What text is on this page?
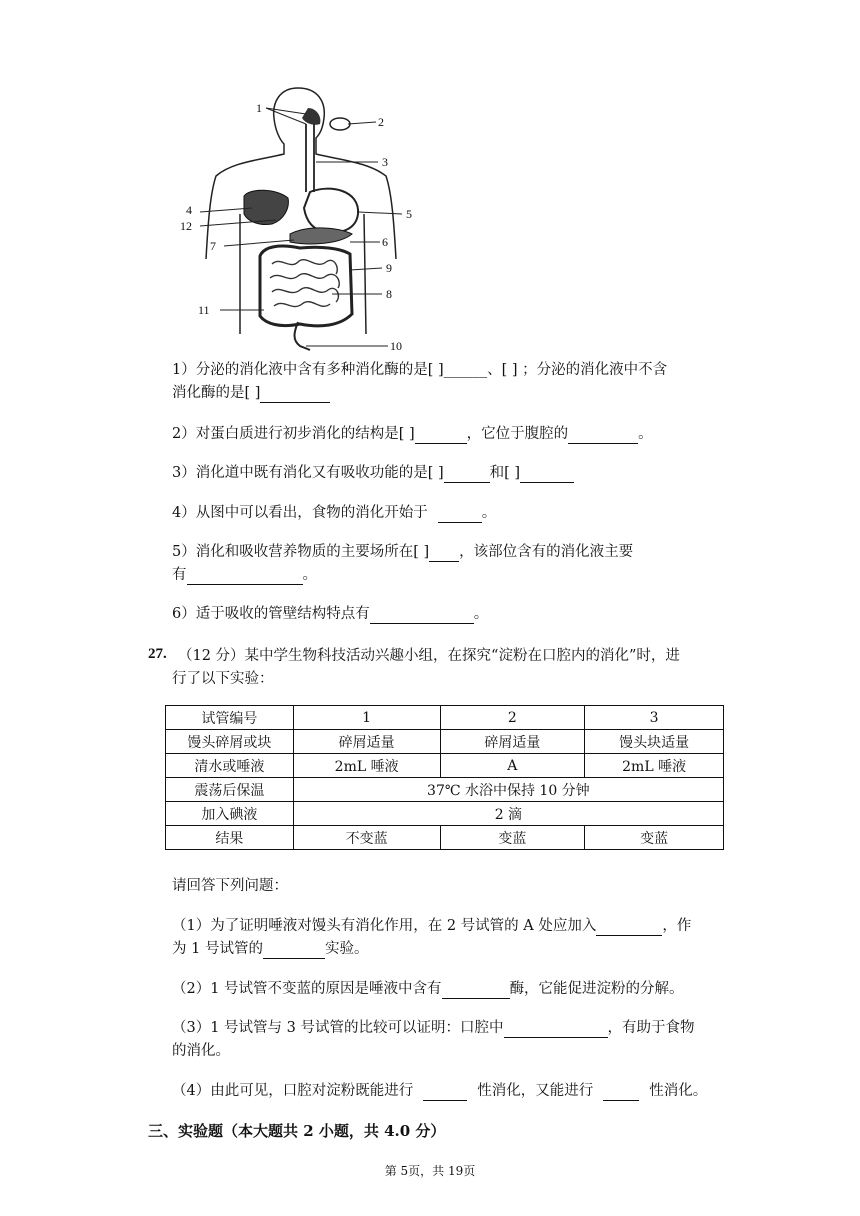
1
2
3
4	5
12
6
7
9
8
11
10
1）分泌的消化液中含有多种消化酶的是[ ]______、[ ] ；分泌的消化液中不含
消化酶的是[ ]
2）对蛋白质进行初步消化的结构是[ ]	，它位于腹腔的	。
3）消化道中既有消化又有吸收功能的是[ ]	和[ ]
4）从图中可以看出，食物的消化开始于	。
5）消化和吸收营养物质的主要场所在[ ] ，该部位含有的消化液主要
有	。
6）适于吸收的管壁结构特点有	。
27. （12 分）某中学生物科技活动兴趣小组，在探究“淀粉在口腔内的消化”时，进
行了以下实验：
试管编号	1	2	3
馒头碎屑或块	碎屑适量	碎屑适量	馒头块适量
清水或唾液	2mL 唾液	A	2mL 唾液
震荡后保温	37℃ 水浴中保持 10 分钟		
加入碘液	2 滴		
结果	不变蓝	变蓝	变蓝
请回答下列问题：
（1）为了证明唾液对馒头有消化作用，在 2 号试管的 A 处应加入	，作
为 1 号试管的	实验。
（2）1 号试管不变蓝的原因是唾液中含有	酶，它能促进淀粉的分解。
（3）1 号试管与 3 号试管的比较可以证明：口腔中	，有助于食物
的消化。
（4）由此可见，口腔对淀粉既能进行	性消化，又能进行	性消化。
三、实验题（本大题共 2 小题，共 4.0 分）
第 5页，共 19页
